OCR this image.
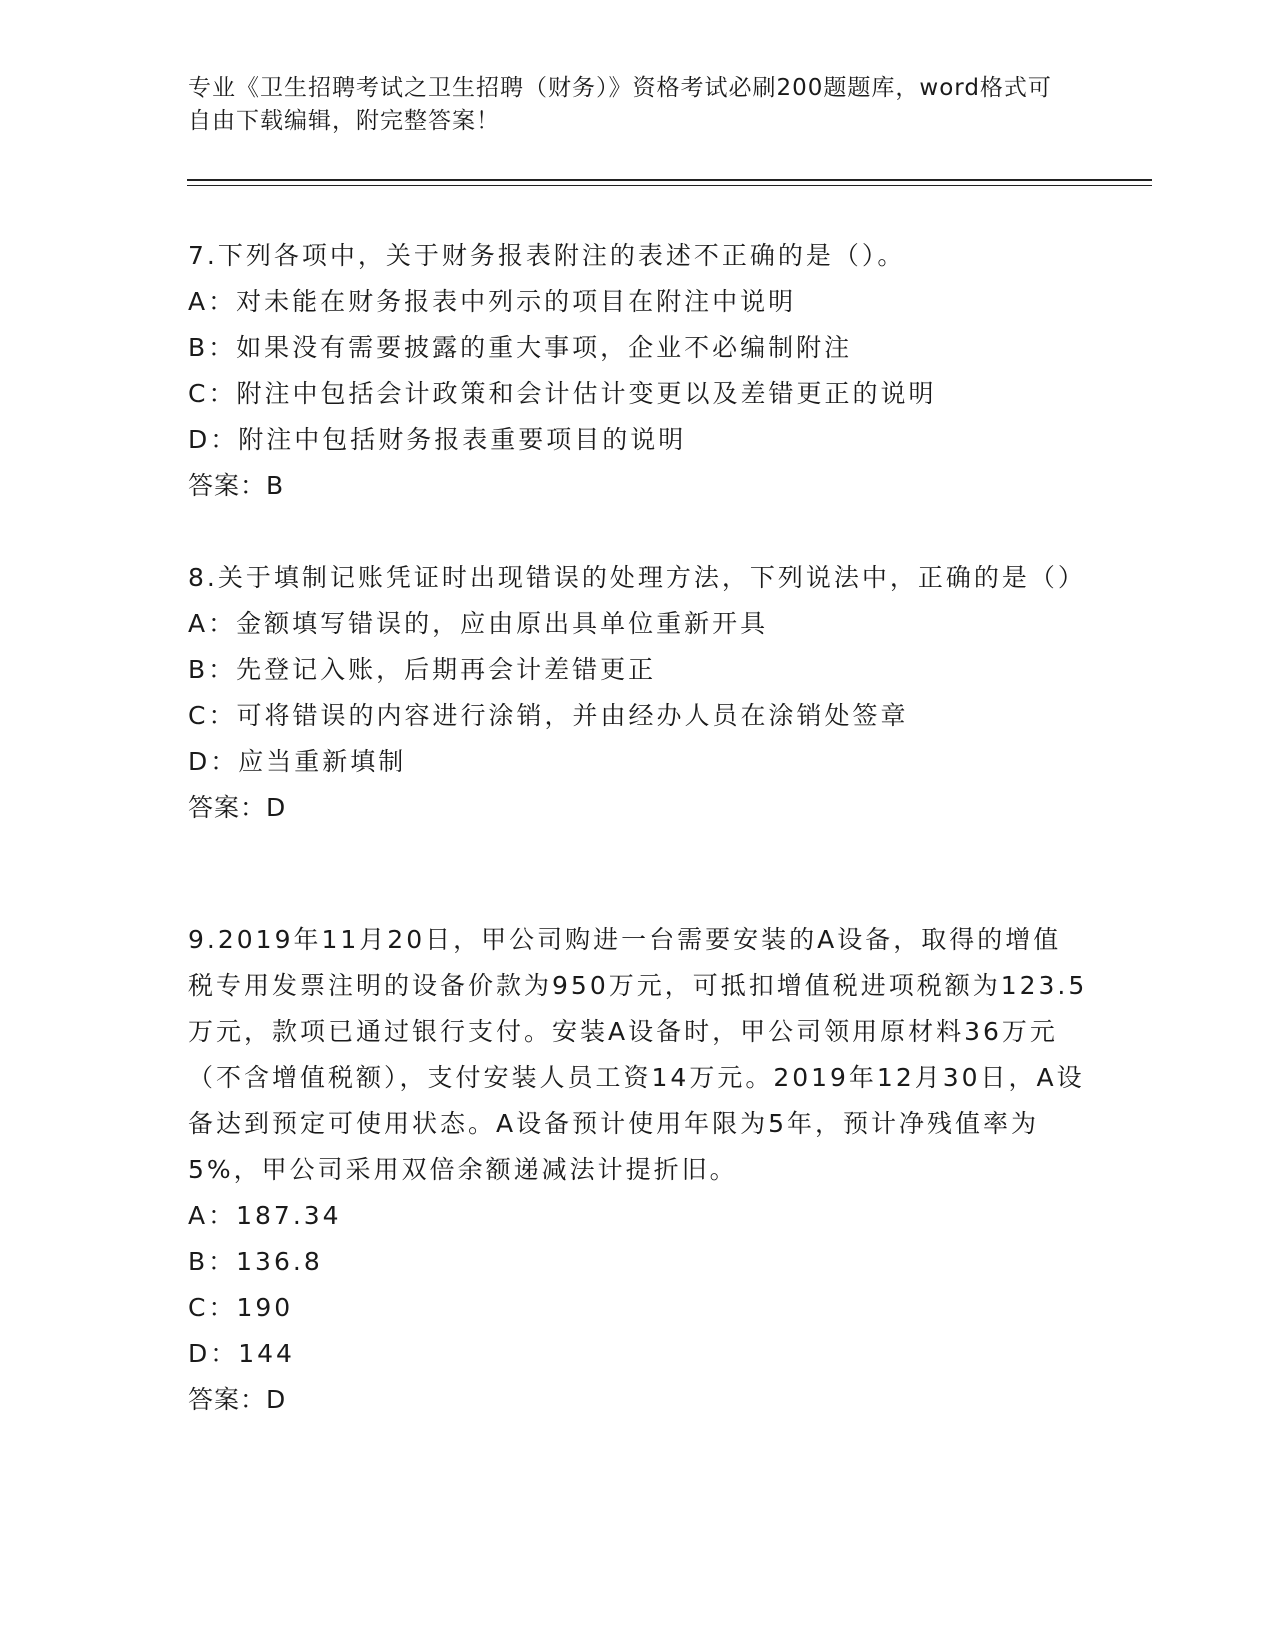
专业《卫生招聘考试之卫生招聘（财务）》资格考试必刷200题题库，word格式可自由下载编辑，附完整答案！

7.下列各项中，关于财务报表附注的表述不正确的是（）。

A：对未能在财务报表中列示的项目在附注中说明

B：如果没有需要披露的重大事项，企业不必编制附注

C：附注中包括会计政策和会计估计变更以及差错更正的说明

D：附注中包括财务报表重要项目的说明

答案：B

8.关于填制记账凭证时出现错误的处理方法，下列说法中，正确的是（）

A：金额填写错误的，应由原出具单位重新开具

B：先登记入账，后期再会计差错更正

C：可将错误的内容进行涂销，并由经办人员在涂销处签章

D：应当重新填制

答案：D

9.2019年11月20日，甲公司购进一台需要安装的A设备，取得的增值税专用发票注明的设备价款为950万元，可抵扣增值税进项税额为123.5万元，款项已通过银行支付。安装A设备时，甲公司领用原材料36万元（不含增值税额），支付安装人员工资14万元。2019年12月30日，A设备达到预定可使用状态。A设备预计使用年限为5年，预计净残值率为5%，甲公司采用双倍余额递减法计提折旧。

A：187.34

B：136.8

C：190

D：144

答案：D
